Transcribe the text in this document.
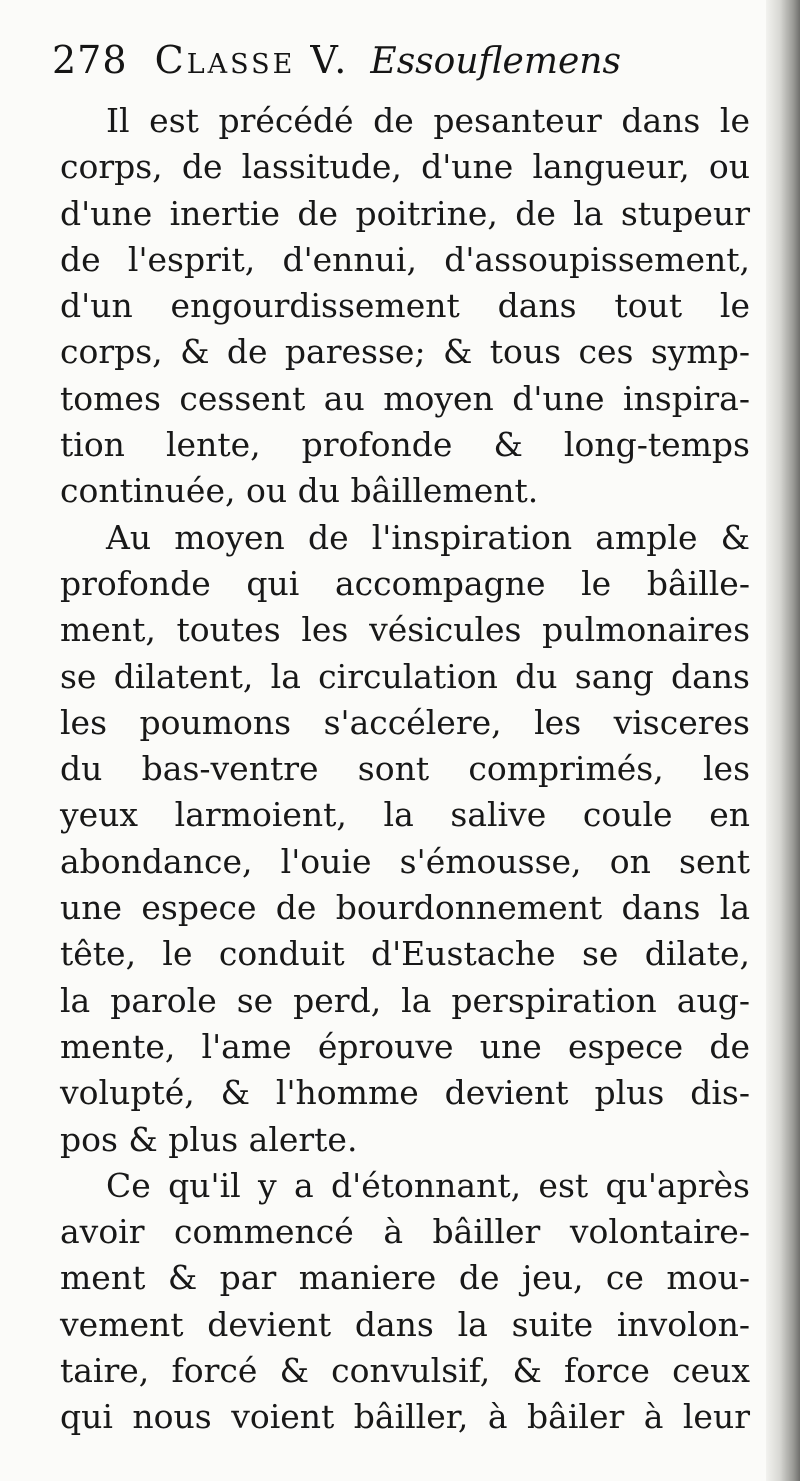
278 Classe V. Essouflemens
Il est précédé de pesanteur dans le
corps, de lassitude, d'une langueur, ou
d'une inertie de poitrine, de la stupeur
de l'esprit, d'ennui, d'assoupissement,
d'un engourdissement dans tout le
corps, & de paresse; & tous ces symp-
tomes cessent au moyen d'une inspira-
tion lente, profonde & long-temps
continuée, ou du bâillement.
Au moyen de l'inspiration ample &
profonde qui accompagne le bâille-
ment, toutes les vésicules pulmonaires
se dilatent, la circulation du sang dans
les poumons s'accélere, les visceres
du bas-ventre sont comprimés, les
yeux larmoient, la salive coule en
abondance, l'ouie s'émousse, on sent
une espece de bourdonnement dans la
tête, le conduit d'Eustache se dilate,
la parole se perd, la perspiration aug-
mente, l'ame éprouve une espece de
volupté, & l'homme devient plus dis-
pos & plus alerte.
Ce qu'il y a d'étonnant, est qu'après
avoir commencé à bâiller volontaire-
ment & par maniere de jeu, ce mou-
vement devient dans la suite involon-
taire, forcé & convulsif, & force ceux
qui nous voient bâiller, à bâiler à leur
